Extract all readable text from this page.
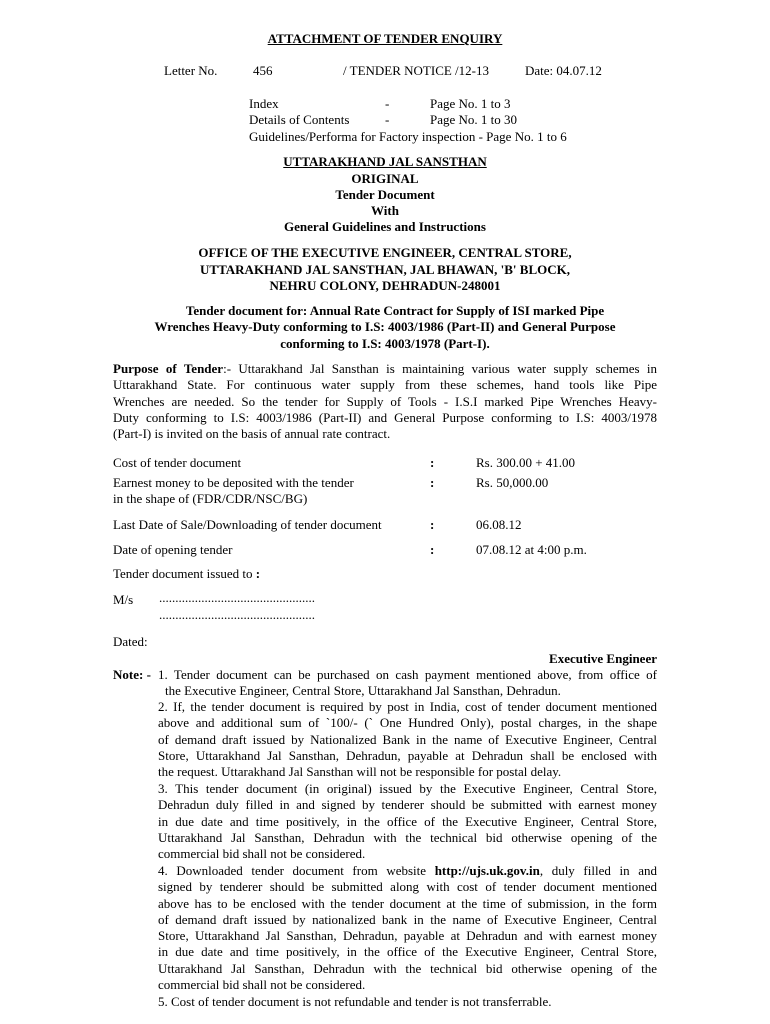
ATTACHMENT OF TENDER ENQUIRY
Letter No.	456	/ TENDER NOTICE /12-13	Date: 04.07.12
Index	-	Page No. 1 to 3
Details of Contents	-	Page No. 1 to 30
Guidelines/Performa for Factory inspection - Page No. 1 to 6
UTTARAKHAND JAL SANSTHAN
ORIGINAL
Tender Document
With
General Guidelines and Instructions
OFFICE OF THE EXECUTIVE ENGINEER, CENTRAL STORE,
UTTARAKHAND JAL SANSTHAN, JAL BHAWAN, 'B' BLOCK,
NEHRU COLONY, DEHRADUN-248001
Tender document for: Annual Rate Contract for Supply of ISI marked Pipe
Wrenches Heavy-Duty conforming to I.S: 4003/1986 (Part-II) and General Purpose
conforming to I.S: 4003/1978 (Part-I).
Purpose of Tender:- Uttarakhand Jal Sansthan is maintaining various water supply schemes in
Uttarakhand State. For continuous water supply from these schemes, hand tools like Pipe
Wrenches are needed. So the tender for Supply of Tools - I.S.I marked Pipe Wrenches Heavy-
Duty conforming to I.S: 4003/1986 (Part-II) and General Purpose conforming to I.S: 4003/1978
(Part-I) is invited on the basis of annual rate contract.
Cost of tender document	:	Rs. 300.00 + 41.00
Earnest money to be deposited with the tender
in the shape of (FDR/CDR/NSC/BG)
:	Rs. 50,000.00
Last Date of Sale/Downloading of tender document	:	06.08.12
Date of opening tender	:	07.08.12 at 4:00 p.m.
Tender document issued to :
M/s ................................................
................................................
Dated:
Executive Engineer
Note: - 1. Tender document can be purchased on cash payment mentioned above, from office of
the Executive Engineer, Central Store, Uttarakhand Jal Sansthan, Dehradun.
2. If, the tender document is required by post in India, cost of tender document mentioned
above and additional sum of `100/- (` One Hundred Only), postal charges, in the shape
of demand draft issued by Nationalized Bank in the name of Executive Engineer, Central
Store, Uttarakhand Jal Sansthan, Dehradun, payable at Dehradun shall be enclosed with
the request. Uttarakhand Jal Sansthan will not be responsible for postal delay.
3. This tender document (in original) issued by the Executive Engineer, Central Store,
Dehradun duly filled in and signed by tenderer should be submitted with earnest money
in due date and time positively, in the office of the Executive Engineer, Central Store,
Uttarakhand Jal Sansthan, Dehradun with the technical bid otherwise opening of the
commercial bid shall not be considered.
4. Downloaded tender document from website http://ujs.uk.gov.in, duly filled in and
signed by tenderer should be submitted along with cost of tender document mentioned
above has to be enclosed with the tender document at the time of submission, in the form
of demand draft issued by nationalized bank in the name of Executive Engineer, Central
Store, Uttarakhand Jal Sansthan, Dehradun, payable at Dehradun and with earnest money
in due date and time positively, in the office of the Executive Engineer, Central Store,
Uttarakhand Jal Sansthan, Dehradun with the technical bid otherwise opening of the
commercial bid shall not be considered.
5. Cost of tender document is not refundable and tender is not transferrable.
